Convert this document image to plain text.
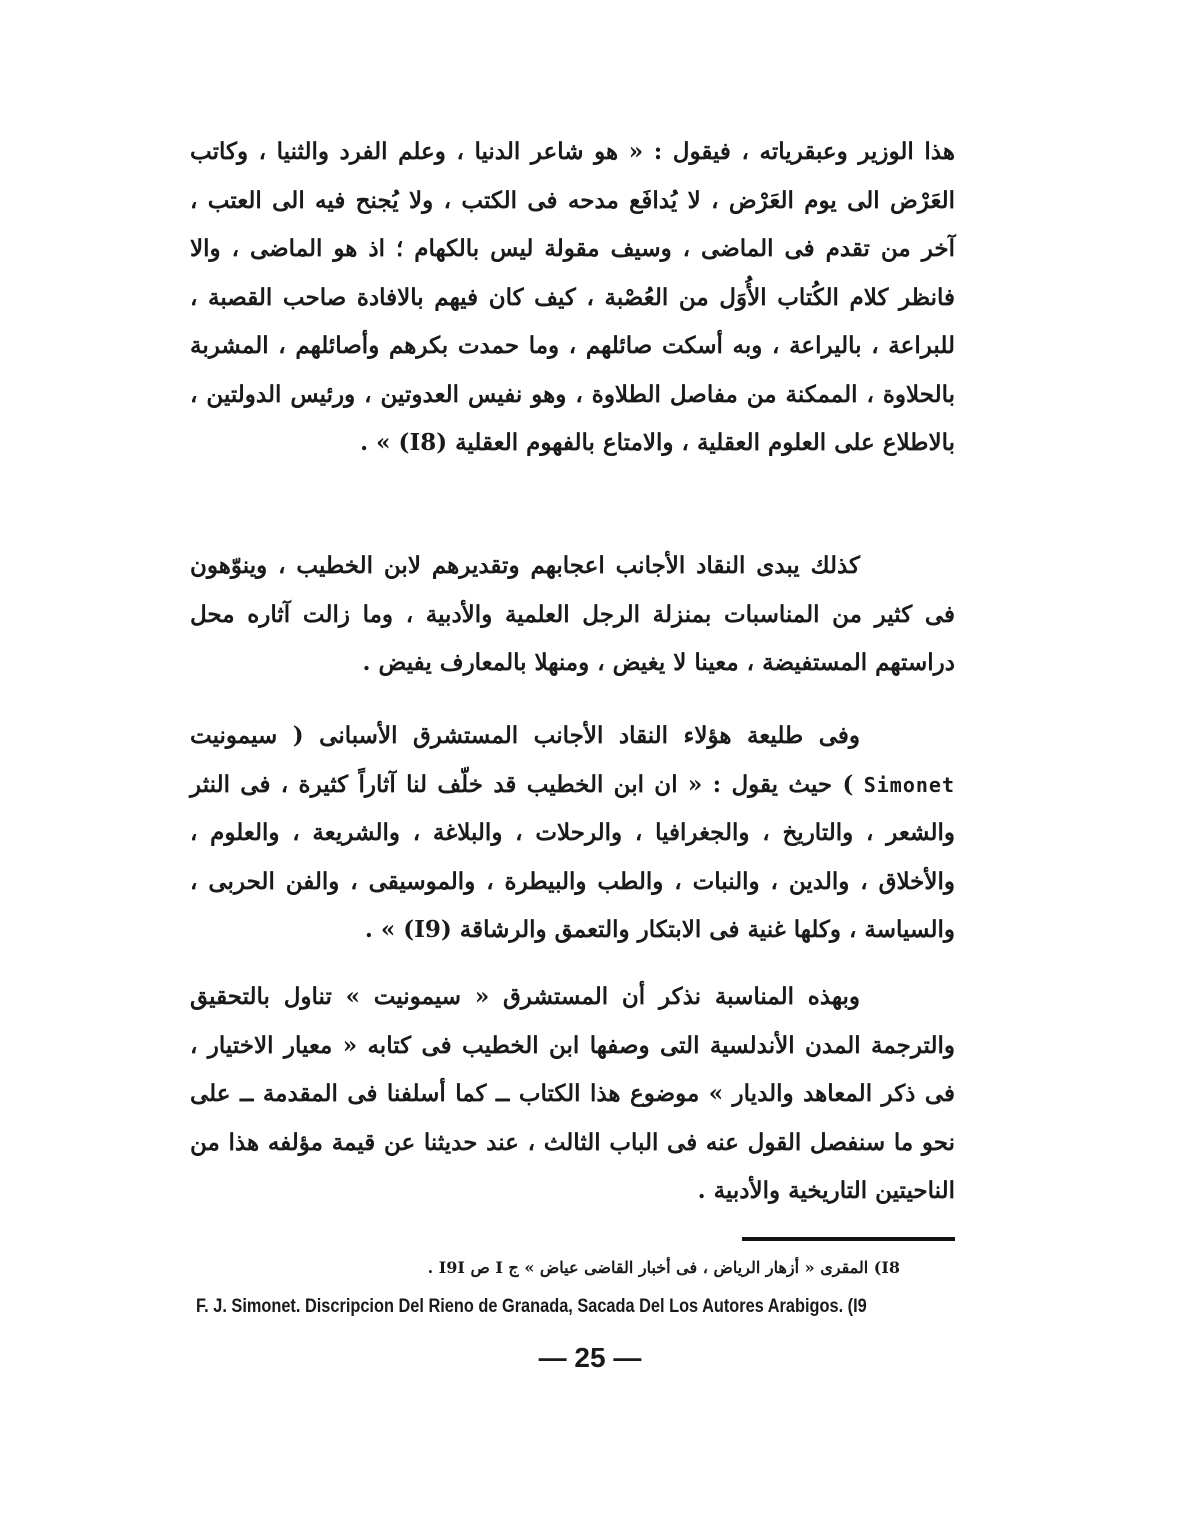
هذا الوزير وعبقرياته ، فيقول : « هو شاعر الدنيا ، وعلم الفرد والثنيا ، وكاتب العَرْض الى يوم العَرْض ، لا يُدافَع مدحه فى الكتب ، ولا يُجنح فيه الى العتب ، آخر من تقدم فى الماضى ، وسيف مقولة ليس بالكهام ؛ اذ هو الماضى ، والا فانظر كلام الكُتاب الأُوَل من العُصْبة ، كيف كان فيهم بالافادة صاحب القصبة ، للبراعة ، باليراعة ، وبه أسكت صائلهم ، وما حمدت بكرهم وأصائلهم ، المشربة بالحلاوة ، الممكنة من مفاصل الطلاوة ، وهو نفيس العدوتين ، ورئيس الدولتين ، بالاطلاع على العلوم العقلية ، والامتاع بالفهوم العقلية (I8) » .

كذلك يبدى النقاد الأجانب اعجابهم وتقديرهم لابن الخطيب ، وينوّهون فى كثير من المناسبات بمنزلة الرجل العلمية والأدبية ، وما زالت آثاره محل دراستهم المستفيضة ، معينا لا يغيض ، ومنهلا بالمعارف يفيض .

وفى طليعة هؤلاء النقاد الأجانب المستشرق الأسبانى ( سيمونيت Simonet ) حيث يقول : « ان ابن الخطيب قد خلّف لنا آثاراً كثيرة ، فى النثر والشعر ، والتاريخ ، والجغرافيا ، والرحلات ، والبلاغة ، والشريعة ، والعلوم ، والأخلاق ، والدين ، والنبات ، والطب والبيطرة ، والموسيقى ، والفن الحربى ، والسياسة ، وكلها غنية فى الابتكار والتعمق والرشاقة (I9) » .

وبهذه المناسبة نذكر أن المستشرق « سيمونيت » تناول بالتحقيق والترجمة المدن الأندلسية التى وصفها ابن الخطيب فى كتابه « معيار الاختيار ، فى ذكر المعاهد والديار » موضوع هذا الكتاب ــ كما أسلفنا فى المقدمة ــ على نحو ما سنفصل القول عنه فى الباب الثالث ، عند حديثنا عن قيمة مؤلفه هذا من الناحيتين التاريخية والأدبية .

I8) المقرى « أزهار الرياض ، فى أخبار القاضى عياض » ج I ص I9I .

F. J. Simonet. Discripcion Del Rieno de Granada, Sacada Del Los Autores Arabigos. (I9

— 25 —
